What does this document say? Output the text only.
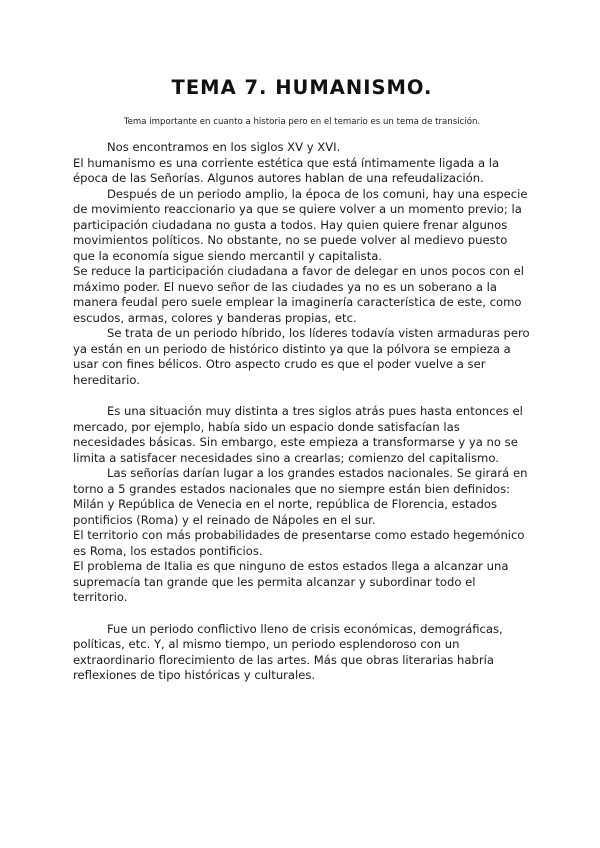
TEMA 7. HUMANISMO.
Tema importante en cuanto a historia pero en el temario es un tema de transición.

Nos encontramos en los siglos XV y XVI.

El humanismo es una corriente estética que está íntimamente ligada a la época de las Señorías. Algunos autores hablan de una refeudalización.

Después de un periodo amplio, la época de los comuni, hay una especie de movimiento reaccionario ya que se quiere volver a un momento previo; la participación ciudadana no gusta a todos. Hay quien quiere frenar algunos movimientos políticos. No obstante, no se puede volver al medievo puesto que la economía sigue siendo mercantil y capitalista.

Se reduce la participación ciudadana a favor de delegar en unos pocos con el máximo poder. El nuevo señor de las ciudades ya no es un soberano a la manera feudal pero suele emplear la imaginería característica de este, como escudos, armas, colores y banderas propias, etc.

Se trata de un periodo híbrido, los líderes todavía visten armaduras pero ya están en un periodo de histórico distinto ya que la pólvora se empieza a usar con fines bélicos. Otro aspecto crudo es que el poder vuelve a ser hereditario.

Es una situación muy distinta a tres siglos atrás pues hasta entonces el mercado, por ejemplo, había sido un espacio donde satisfacían las necesidades básicas. Sin embargo, este empieza a transformarse y ya no se limita a satisfacer necesidades sino a crearlas; comienzo del capitalismo.

Las señorías darían lugar a los grandes estados nacionales. Se girará en torno a 5 grandes estados nacionales que no siempre están bien definidos: Milán y República de Venecia en el norte, república de Florencia, estados pontificios (Roma) y el reinado de Nápoles en el sur.

El territorio con más probabilidades de presentarse como estado hegemónico es Roma, los estados pontificios.

El problema de Italia es que ninguno de estos estados llega a alcanzar una supremacía tan grande que les permita alcanzar y subordinar todo el territorio.

Fue un periodo conflictivo lleno de crisis económicas, demográficas, políticas, etc. Y, al mismo tiempo, un periodo esplendoroso con un extraordinario florecimiento de las artes. Más que obras literarias habría reflexiones de tipo históricas y culturales.
